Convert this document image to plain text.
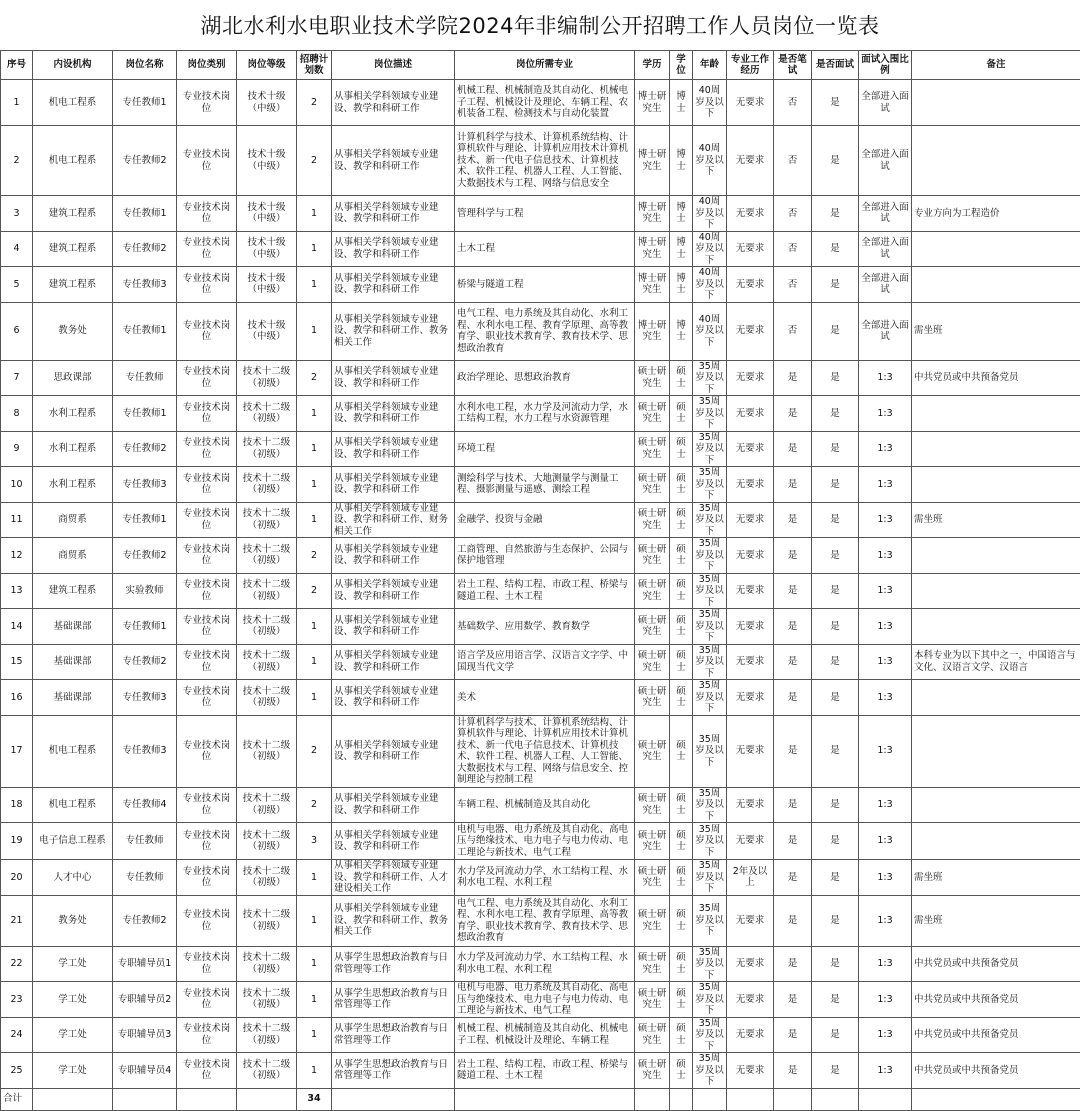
湖北水利水电职业技术学院2024年非编制公开招聘工作人员岗位一览表
序号	内设机构	岗位名称	岗位类别	岗位等级	招聘计划数	岗位描述	岗位所需专业	学历	学位	年龄	专业工作经历	是否笔试	是否面试	面试入围比例	备注
1	机电工程系	专任教师1	专业技术岗位	技术十级（中级）	2	从事相关学科领域专业建设、教学和科研工作	机械工程、机械制造及其自动化、机械电子工程、机械设计及理论、车辆工程、农机装备工程、检测技术与自动化装置	博士研究生	博士	40周岁及以下	无要求	否	是	全部进入面试	
2	机电工程系	专任教师2	专业技术岗位	技术十级（中级）	2	从事相关学科领域专业建设、教学和科研工作	计算机科学与技术、计算机系统结构、计算机软件与理论、计算机应用技术计算机技术、新一代电子信息技术、计算机技术、软件工程、机器人工程、人工智能、大数据技术与工程、网络与信息安全	博士研究生	博士	40周岁及以下	无要求	否	是	全部进入面试	
3	建筑工程系	专任教师1	专业技术岗位	技术十级（中级）	1	从事相关学科领域专业建设、教学和科研工作	管理科学与工程	博士研究生	博士	40周岁及以下	无要求	否	是	全部进入面试	专业方向为工程造价
4	建筑工程系	专任教师2	专业技术岗位	技术十级（中级）	1	从事相关学科领域专业建设、教学和科研工作	土木工程	博士研究生	博士	40周岁及以下	无要求	否	是	全部进入面试	
5	建筑工程系	专任教师3	专业技术岗位	技术十级（中级）	1	从事相关学科领域专业建设、教学和科研工作	桥梁与隧道工程	博士研究生	博士	40周岁及以下	无要求	否	是	全部进入面试	
6	教务处	专任教师1	专业技术岗位	技术十级（中级）	1	从事相关学科领域专业建设、教学和科研工作、教务相关工作	电气工程、电力系统及其自动化、水利工程、水利水电工程、教育学原理、高等教育学、职业技术教育学、教育技术学、思想政治教育	博士研究生	博士	40周岁及以下	无要求	否	是	全部进入面试	需坐班
7	思政课部	专任教师	专业技术岗位	技术十二级（初级）	2	从事相关学科领域专业建设、教学和科研工作	政治学理论、思想政治教育	硕士研究生	硕士	35周岁及以下	无要求	是	是	1:3	中共党员或中共预备党员
8	水利工程系	专任教师1	专业技术岗位	技术十二级（初级）	1	从事相关学科领域专业建设、教学和科研工作	水利水电工程，水力学及河流动力学，水工结构工程，水力工程与水资源管理	硕士研究生	硕士	35周岁及以下	无要求	是	是	1:3	
9	水利工程系	专任教师2	专业技术岗位	技术十二级（初级）	1	从事相关学科领域专业建设、教学和科研工作	环境工程	硕士研究生	硕士	35周岁及以下	无要求	是	是	1:3	
10	水利工程系	专任教师3	专业技术岗位	技术十二级（初级）	1	从事相关学科领域专业建设、教学和科研工作	测绘科学与技术、大地测量学与测量工程、摄影测量与遥感、测绘工程	硕士研究生	硕士	35周岁及以下	无要求	是	是	1:3	
11	商贸系	专任教师1	专业技术岗位	技术十二级（初级）	1	从事相关学科领域专业建设、教学和科研工作、财务相关工作	金融学、投资与金融	硕士研究生	硕士	35周岁及以下	无要求	是	是	1:3	需坐班
12	商贸系	专任教师2	专业技术岗位	技术十二级（初级）	2	从事相关学科领域专业建设、教学和科研工作	工商管理、自然旅游与生态保护、公园与保护地管理	硕士研究生	硕士	35周岁及以下	无要求	是	是	1:3	
13	建筑工程系	实验教师	专业技术岗位	技术十二级（初级）	2	从事相关学科领域专业建设、教学和科研工作	岩土工程、结构工程、市政工程、桥梁与隧道工程、土木工程	硕士研究生	硕士	35周岁及以下	无要求	是	是	1:3	
14	基础课部	专任教师1	专业技术岗位	技术十二级（初级）	1	从事相关学科领域专业建设、教学和科研工作	基础数学、应用数学、教育数学	硕士研究生	硕士	35周岁及以下	无要求	是	是	1:3	
15	基础课部	专任教师2	专业技术岗位	技术十二级（初级）	1	从事相关学科领域专业建设、教学和科研工作	语言学及应用语言学、汉语言文字学、中国现当代文学	硕士研究生	硕士	35周岁及以下	无要求	是	是	1:3	本科专业为以下其中之一，中国语言与文化、汉语言文学、汉语言
16	基础课部	专任教师3	专业技术岗位	技术十二级（初级）	1	从事相关学科领域专业建设、教学和科研工作	美术	硕士研究生	硕士	35周岁及以下	无要求	是	是	1:3	
17	机电工程系	专任教师3	专业技术岗位	技术十二级（初级）	2	从事相关学科领域专业建设、教学和科研工作	计算机科学与技术、计算机系统结构、计算机软件与理论、计算机应用技术计算机技术、新一代电子信息技术、计算机技术、软件工程、机器人工程、人工智能、大数据技术与工程、网络与信息安全、控制理论与控制工程	硕士研究生	硕士	35周岁及以下	无要求	是	是	1:3	
18	机电工程系	专任教师4	专业技术岗位	技术十二级（初级）	2	从事相关学科领域专业建设、教学和科研工作	车辆工程、机械制造及其自动化	硕士研究生	硕士	35周岁及以下	无要求	是	是	1:3	
19	电子信息工程系	专任教师	专业技术岗位	技术十二级（初级）	3	从事相关学科领域专业建设、教学和科研工作	电机与电器、电力系统及其自动化、高电压与绝缘技术、电力电子与电力传动、电工理论与新技术、电气工程	硕士研究生	硕士	35周岁及以下	无要求	是	是	1:3	
20	人才中心	专任教师	专业技术岗位	技术十二级（初级）	1	从事相关学科领域专业建设、教学和科研工作、人才建设相关工作	水力学及河流动力学、水工结构工程、水利水电工程、水利工程	硕士研究生	硕士	35周岁及以下	2年及以上	是	是	1:3	需坐班
21	教务处	专任教师2	专业技术岗位	技术十二级（初级）	1	从事相关学科领域专业建设、教学和科研工作、教务相关工作	电气工程、电力系统及其自动化、水利工程、水利水电工程、教育学原理、高等教育学、职业技术教育学、教育技术学、思想政治教育	硕士研究生	硕士	35周岁及以下	无要求	是	是	1:3	需坐班
22	学工处	专职辅导员1	专业技术岗位	技术十二级（初级）	1	从事学生思想政治教育与日常管理等工作	水力学及河流动力学、水工结构工程、水利水电工程、水利工程	硕士研究生	硕士	35周岁及以下	无要求	是	是	1:3	中共党员或中共预备党员
23	学工处	专职辅导员2	专业技术岗位	技术十二级（初级）	1	从事学生思想政治教育与日常管理等工作	电机与电器、电力系统及其自动化、高电压与绝缘技术、电力电子与电力传动、电工理论与新技术、电气工程	硕士研究生	硕士	35周岁及以下	无要求	是	是	1:3	中共党员或中共预备党员
24	学工处	专职辅导员3	专业技术岗位	技术十二级（初级）	1	从事学生思想政治教育与日常管理等工作	机械工程、机械制造及其自动化、机械电子工程、机械设计及理论、车辆工程	硕士研究生	硕士	35周岁及以下	无要求	是	是	1:3	中共党员或中共预备党员
25	学工处	专职辅导员4	专业技术岗位	技术十二级（初级）	1	从事学生思想政治教育与日常管理等工作	岩土工程、结构工程、市政工程、桥梁与隧道工程、土木工程	硕士研究生	硕士	35周岁及以下	无要求	是	是	1:3	中共党员或中共预备党员
合计					34										
